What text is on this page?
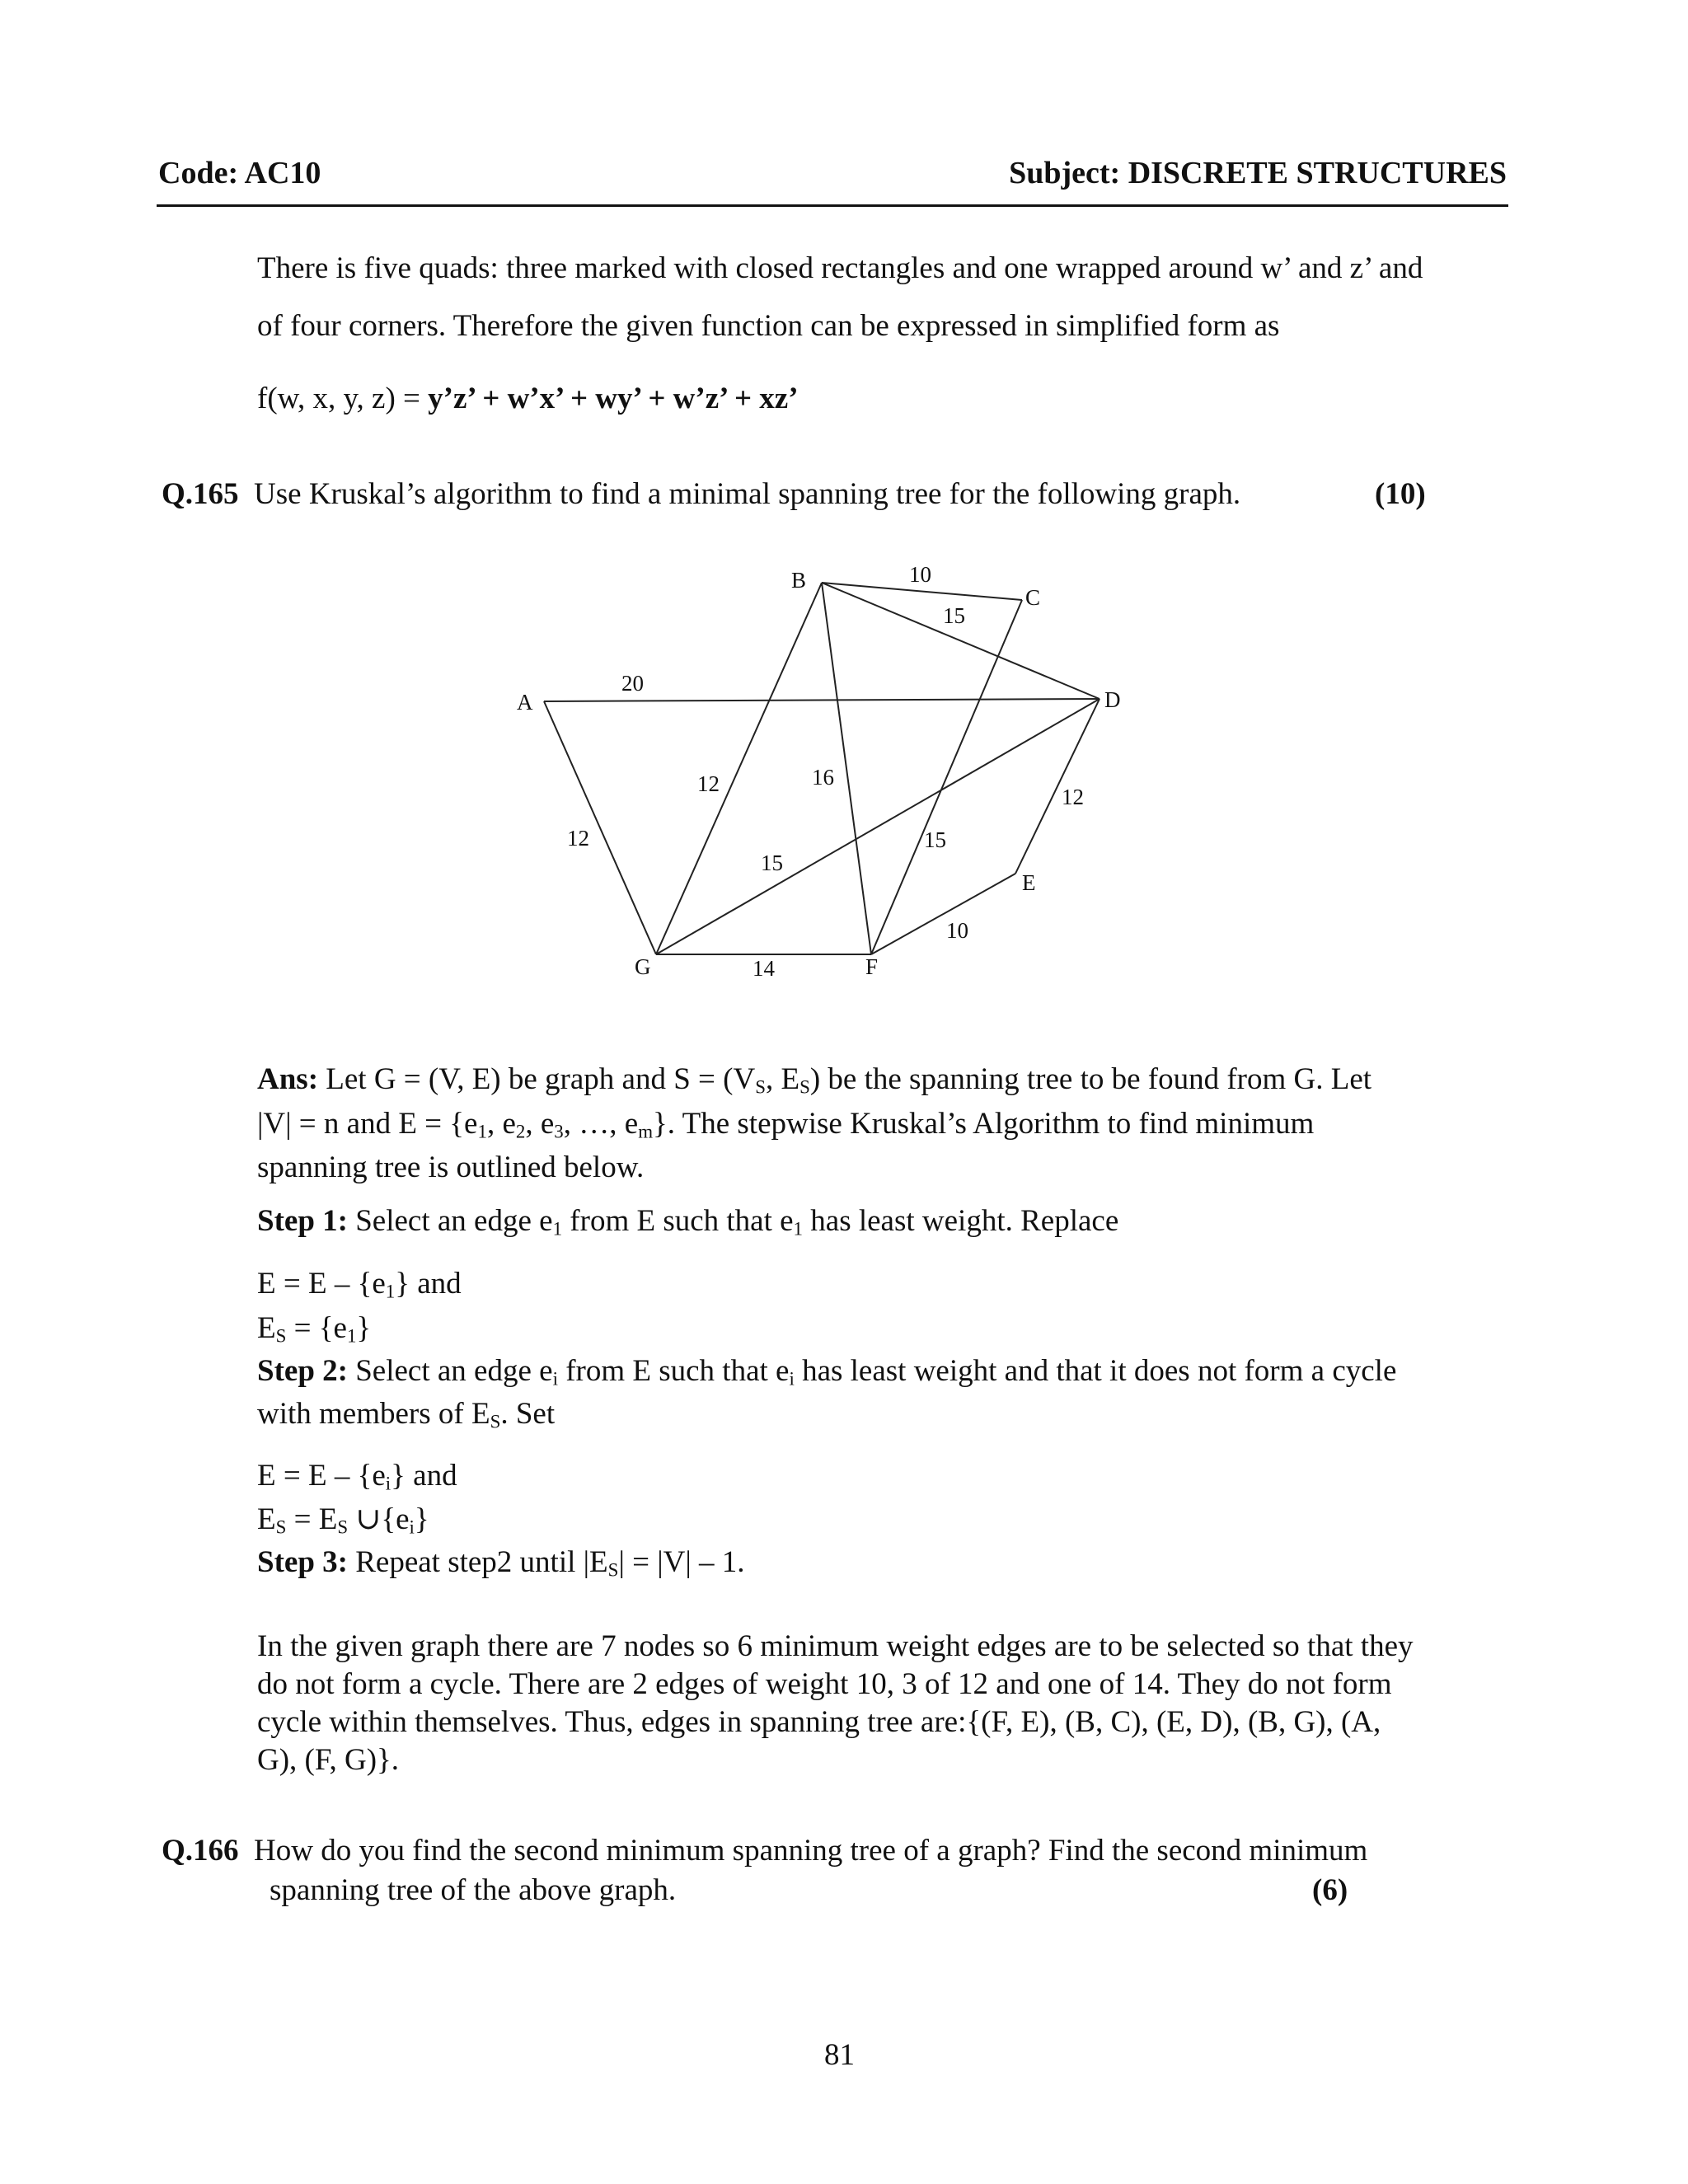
Code: AC10	Subject: DISCRETE STRUCTURES
There is five quads: three marked with closed rectangles and one wrapped around w’ and z’ and
of four corners. Therefore the given function can be expressed in simplified form as
f(w, x, y, z) = y’z’ + w’x’ + wy’ + w’z’ + xz’
Q.165 Use Kruskal’s algorithm to find a minimal spanning tree for the following graph.	(10)
A
B
C
D
E
F
G
10
15
20
12	16
12
12	15
15
10
14
Ans: Let G = (V, E) be graph and $S = (V_S$, $E_S$) be the spanning tree to be found from G. Let
|V| = n and $E = \{e_1$, $e_2$, $e_3$, …, $e_m$}. The stepwise Kruskal’s Algorithm to find minimum
spanning tree is outlined below.
Step 1: Select an edge $e_1$ from E such that $e_1$ has least weight. Replace
$E = E - \{e_1\}$ and
$E_S = \{e_1\}$
Step 2: Select an edge $e_i$ from E such that $e_i$ has least weight and that it does not form a cycle
with members of $E_S$. Set
$E = E - \{e_i\}$ and
$E_S = E_S$ $\cup\{e_i\}$
Step 3: Repeat step2 until $|E_S| = |V| - 1$.
In the given graph there are 7 nodes so 6 minimum weight edges are to be selected so that they
do not form a cycle. There are 2 edges of weight 10, 3 of 12 and one of 14. They do not form
cycle within themselves. Thus, edges in spanning tree are:{(F, E), (B, C), (E, D), (B, G), (A,
G), (F, G)}.
Q.166 How do you find the second minimum spanning tree of a graph? Find the second minimum
spanning tree of the above graph.	(6)
81
